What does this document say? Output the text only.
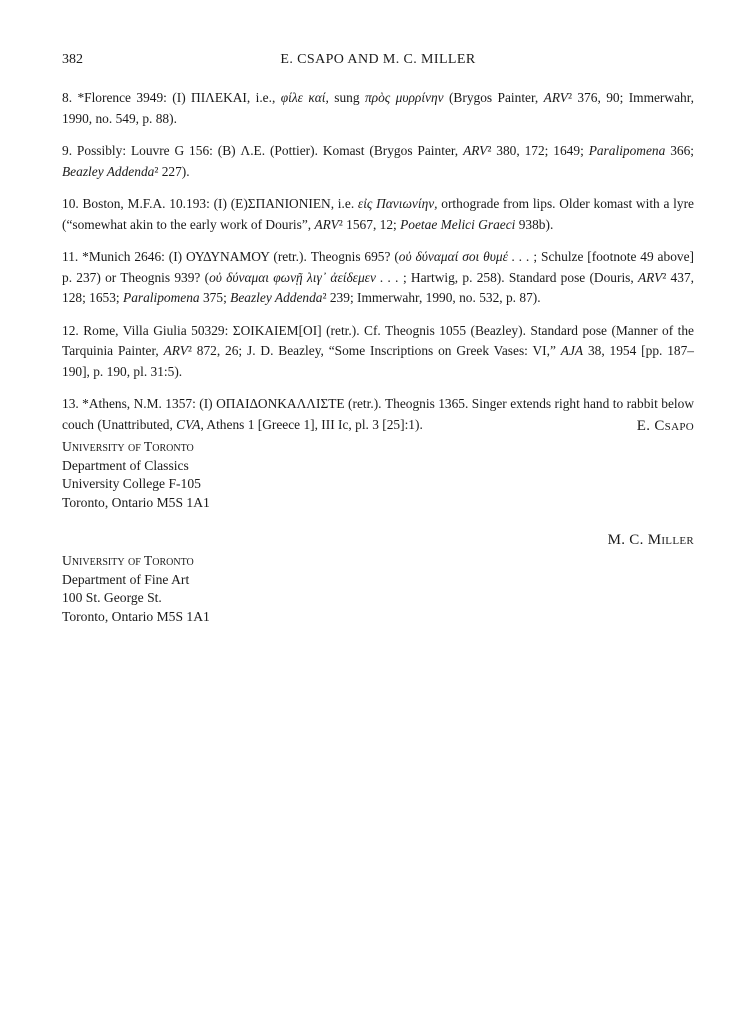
382	E. CSAPO AND M. C. MILLER

8. *Florence 3949: (I) ΠΙΛΕΚΑΙ, i.e., φίλε καί, sung πρὸς μυρρίνην (Brygos Painter, ARV² 376, 90; Immerwahr, 1990, no. 549, p. 88).

9. Possibly: Louvre G 156: (B) Λ.Ε. (Pottier). Komast (Brygos Painter, ARV² 380, 172; 1649; Paralipomena 366; Beazley Addenda² 227).

10. Boston, M.F.A. 10.193: (I) (Ε)ΣΠΑΝΙΟΝΙΕΝ, i.e. εἰς Πανιωνίην, orthograde from lips. Older komast with a lyre (“somewhat akin to the early work of Douris”, ARV² 1567, 12; Poetae Melici Graeci 938b).

11. *Munich 2646: (I) ΟΥΔΥΝΑΜΟΥ (retr.). Theognis 695? (οὐ δύναμαί σοι θυμέ . . . ; Schulze [footnote 49 above] p. 237) or Theognis 939? (οὐ δύναμαι φωνῇ λιγ᾽ ἀείδεμεν . . . ; Hartwig, p. 258). Standard pose (Douris, ARV² 437, 128; 1653; Paralipomena 375; Beazley Addenda² 239; Immerwahr, 1990, no. 532, p. 87).

12. Rome, Villa Giulia 50329: ΣΟΙΚΑΙΕΜ[ΟΙ] (retr.). Cf. Theognis 1055 (Beazley). Standard pose (Manner of the Tarquinia Painter, ARV² 872, 26; J. D. Beazley, “Some Inscriptions on Greek Vases: VI,” AJA 38, 1954 [pp. 187–190], p. 190, pl. 31:5).

13. *Athens, N.M. 1357: (I) ΟΠΑΙΔΟΝΚΑΛΛΙΣΤΕ (retr.). Theognis 1365. Singer extends right hand to rabbit below couch (Unattributed, CVA, Athens 1 [Greece 1], III Ic, pl. 3 [25]:1).	E. Csapo
University of Toronto
Department of Classics
University College F-105
Toronto, Ontario M5S 1A1
M. C. Miller
University of Toronto
Department of Fine Art
100 St. George St.
Toronto, Ontario M5S 1A1
